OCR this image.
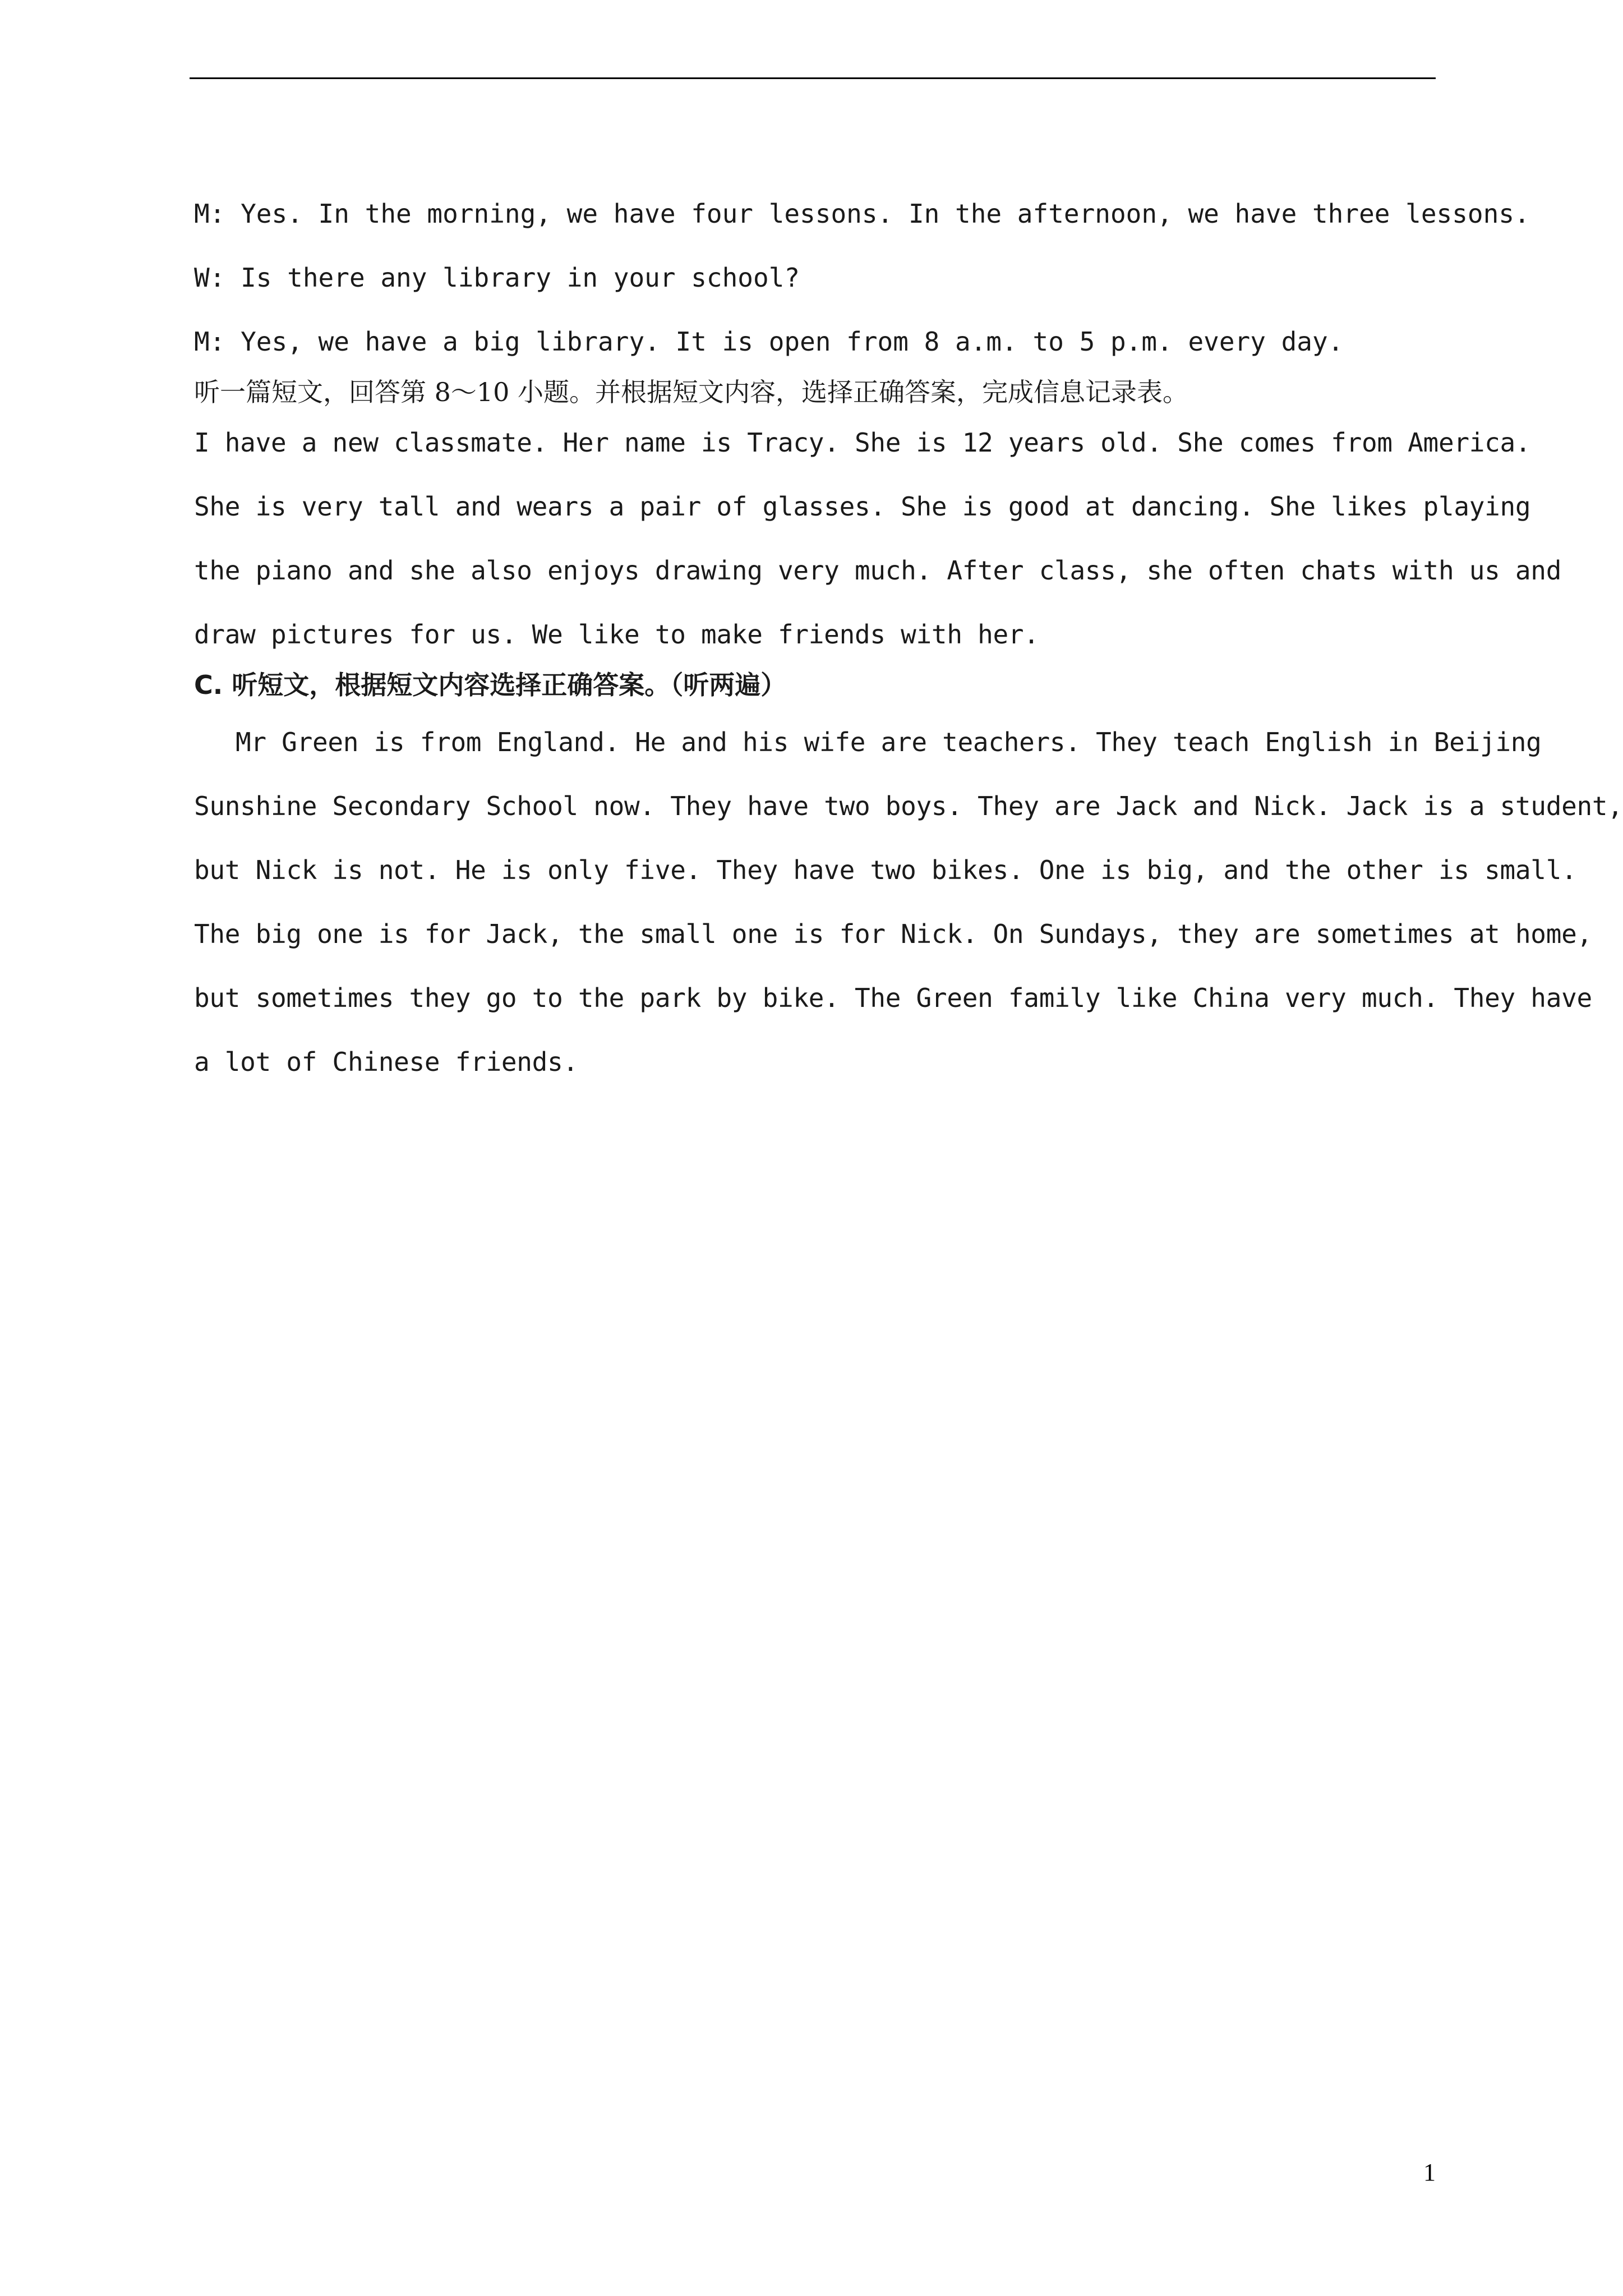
M: Yes. In the morning, we have four lessons. In the afternoon, we have three lessons.
W: Is there any library in your school?
M: Yes, we have a big library. It is open from 8 a.m. to 5 p.m. every day.
听一篇短文，回答第 8～10 小题。并根据短文内容，选择正确答案，完成信息记录表。
I have a new classmate. Her name is Tracy. She is 12 years old. She comes from America.
She is very tall and wears a pair of glasses. She is good at dancing. She likes playing
the piano and she also enjoys drawing very much. After class, she often chats with us and
draw pictures for us. We like to make friends with her.
C. 听短文，根据短文内容选择正确答案。（听两遍）
Mr Green is from England. He and his wife are teachers. They teach English in Beijing
Sunshine Secondary School now. They have two boys. They are Jack and Nick. Jack is a student,
but Nick is not. He is only five. They have two bikes. One is big, and the other is small.
The big one is for Jack, the small one is for Nick. On Sundays, they are sometimes at home,
but sometimes they go to the park by bike. The Green family like China very much. They have
a lot of Chinese friends.
1
